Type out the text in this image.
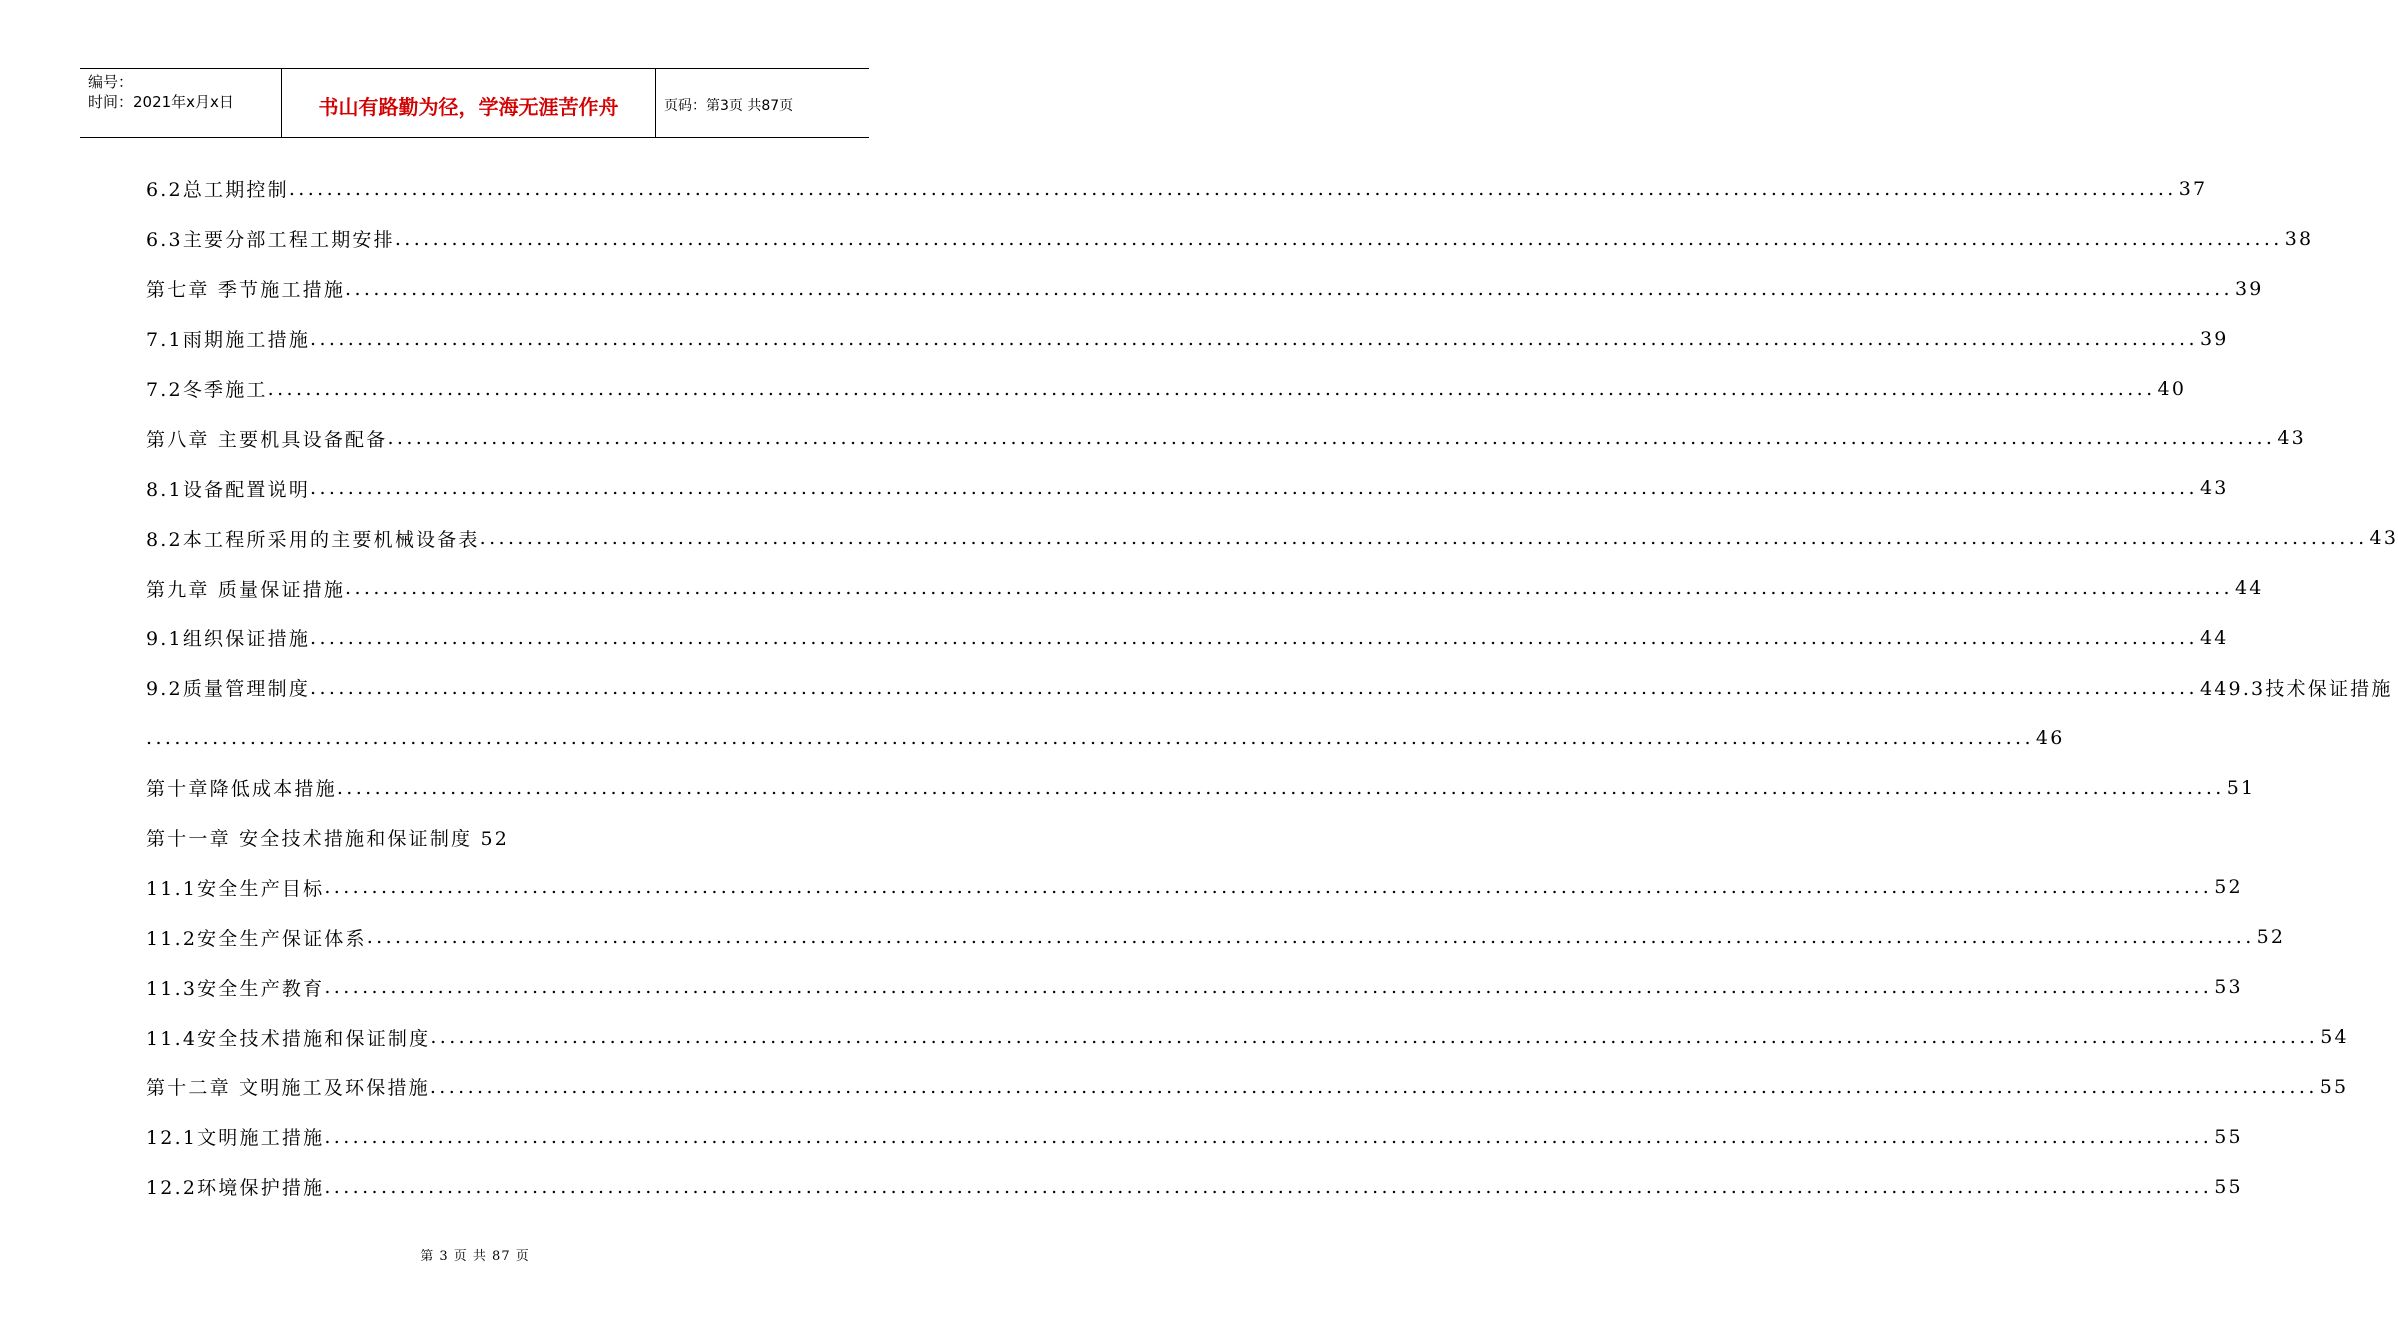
编号：
时间：2021年x月x日	书山有路勤为径，学海无涯苦作舟	页码：第3页 共87页
6.2总工期控制 ........................................................................................................................................................................................................ 37
6.3主要分部工程工期安排 ........................................................................................................................................................................................................ 38
第七章 季节施工措施 ........................................................................................................................................................................................................ 39
7.1雨期施工措施 ........................................................................................................................................................................................................ 39
7.2冬季施工 ........................................................................................................................................................................................................ 40
第八章 主要机具设备配备 ........................................................................................................................................................................................................ 43
8.1设备配置说明 ........................................................................................................................................................................................................ 43
8.2本工程所采用的主要机械设备表 ........................................................................................................................................................................................................ 43
第九章 质量保证措施 ........................................................................................................................................................................................................ 44
9.1组织保证措施 ........................................................................................................................................................................................................ 44
9.2质量管理制度 ........................................................................................................................................................................................................ 449.3技术保证措施
........................................................................................................................................................................................................ 46
第十章降低成本措施 ........................................................................................................................................................................................................ 51
第十一章 安全技术措施和保证制度 52
11.1安全生产目标 ........................................................................................................................................................................................................ 52
11.2安全生产保证体系 ........................................................................................................................................................................................................ 52
11.3安全生产教育 ........................................................................................................................................................................................................ 53
11.4安全技术措施和保证制度 ........................................................................................................................................................................................................ 54
第十二章 文明施工及环保措施 ........................................................................................................................................................................................................ 55
12.1文明施工措施 ........................................................................................................................................................................................................ 55
12.2环境保护措施 ........................................................................................................................................................................................................ 55
第 3 页 共 87 页
